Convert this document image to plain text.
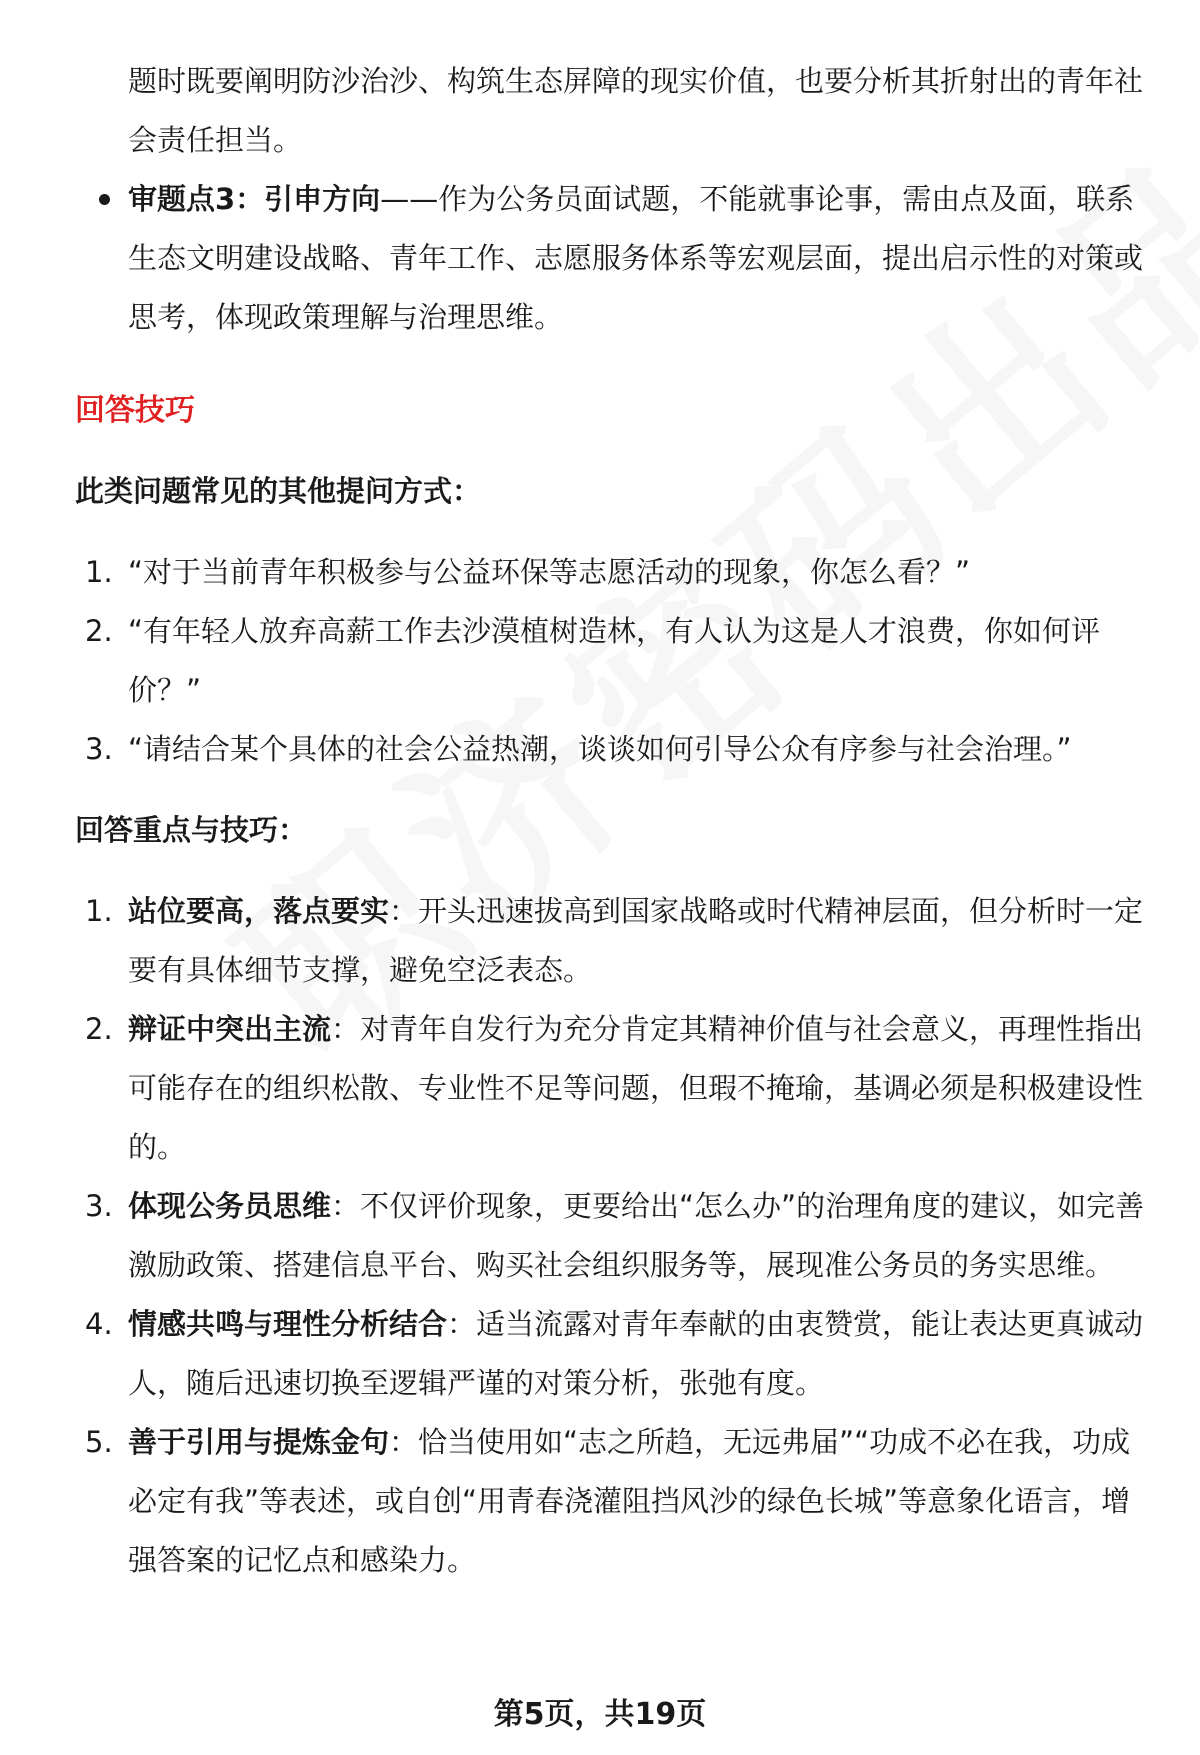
题时既要阐明防沙治沙、构筑生态屏障的现实价值，也要分析其折射出的青年社会责任担当。

审题点3：引申方向——作为公务员面试题，不能就事论事，需由点及面，联系生态文明建设战略、青年工作、志愿服务体系等宏观层面，提出启示性的对策或思考，体现政策理解与治理思维。
回答技巧
此类问题常见的其他提问方式：
1. “对于当前青年积极参与公益环保等志愿活动的现象，你怎么看？”
2. “有年轻人放弃高薪工作去沙漠植树造林，有人认为这是人才浪费，你如何评价？”
3. “请结合某个具体的社会公益热潮，谈谈如何引导公众有序参与社会治理。”
回答重点与技巧：
1. 站位要高，落点要实：开头迅速拔高到国家战略或时代精神层面，但分析时一定要有具体细节支撑，避免空泛表态。
2. 辩证中突出主流：对青年自发行为充分肯定其精神价值与社会意义，再理性指出可能存在的组织松散、专业性不足等问题，但瑕不掩瑜，基调必须是积极建设性的。
3. 体现公务员思维：不仅评价现象，更要给出“怎么办”的治理角度的建议，如完善激励政策、搭建信息平台、购买社会组织服务等，展现准公务员的务实思维。
4. 情感共鸣与理性分析结合：适当流露对青年奉献的由衷赞赏，能让表达更真诚动人，随后迅速切换至逻辑严谨的对策分析，张弛有度。
5. 善于引用与提炼金句：恰当使用如“志之所趋，无远弗届”“功成不必在我，功成必定有我”等表述，或自创“用青春浇灌阻挡风沙的绿色长城”等意象化语言，增强答案的记忆点和感染力。
第5页，共19页
